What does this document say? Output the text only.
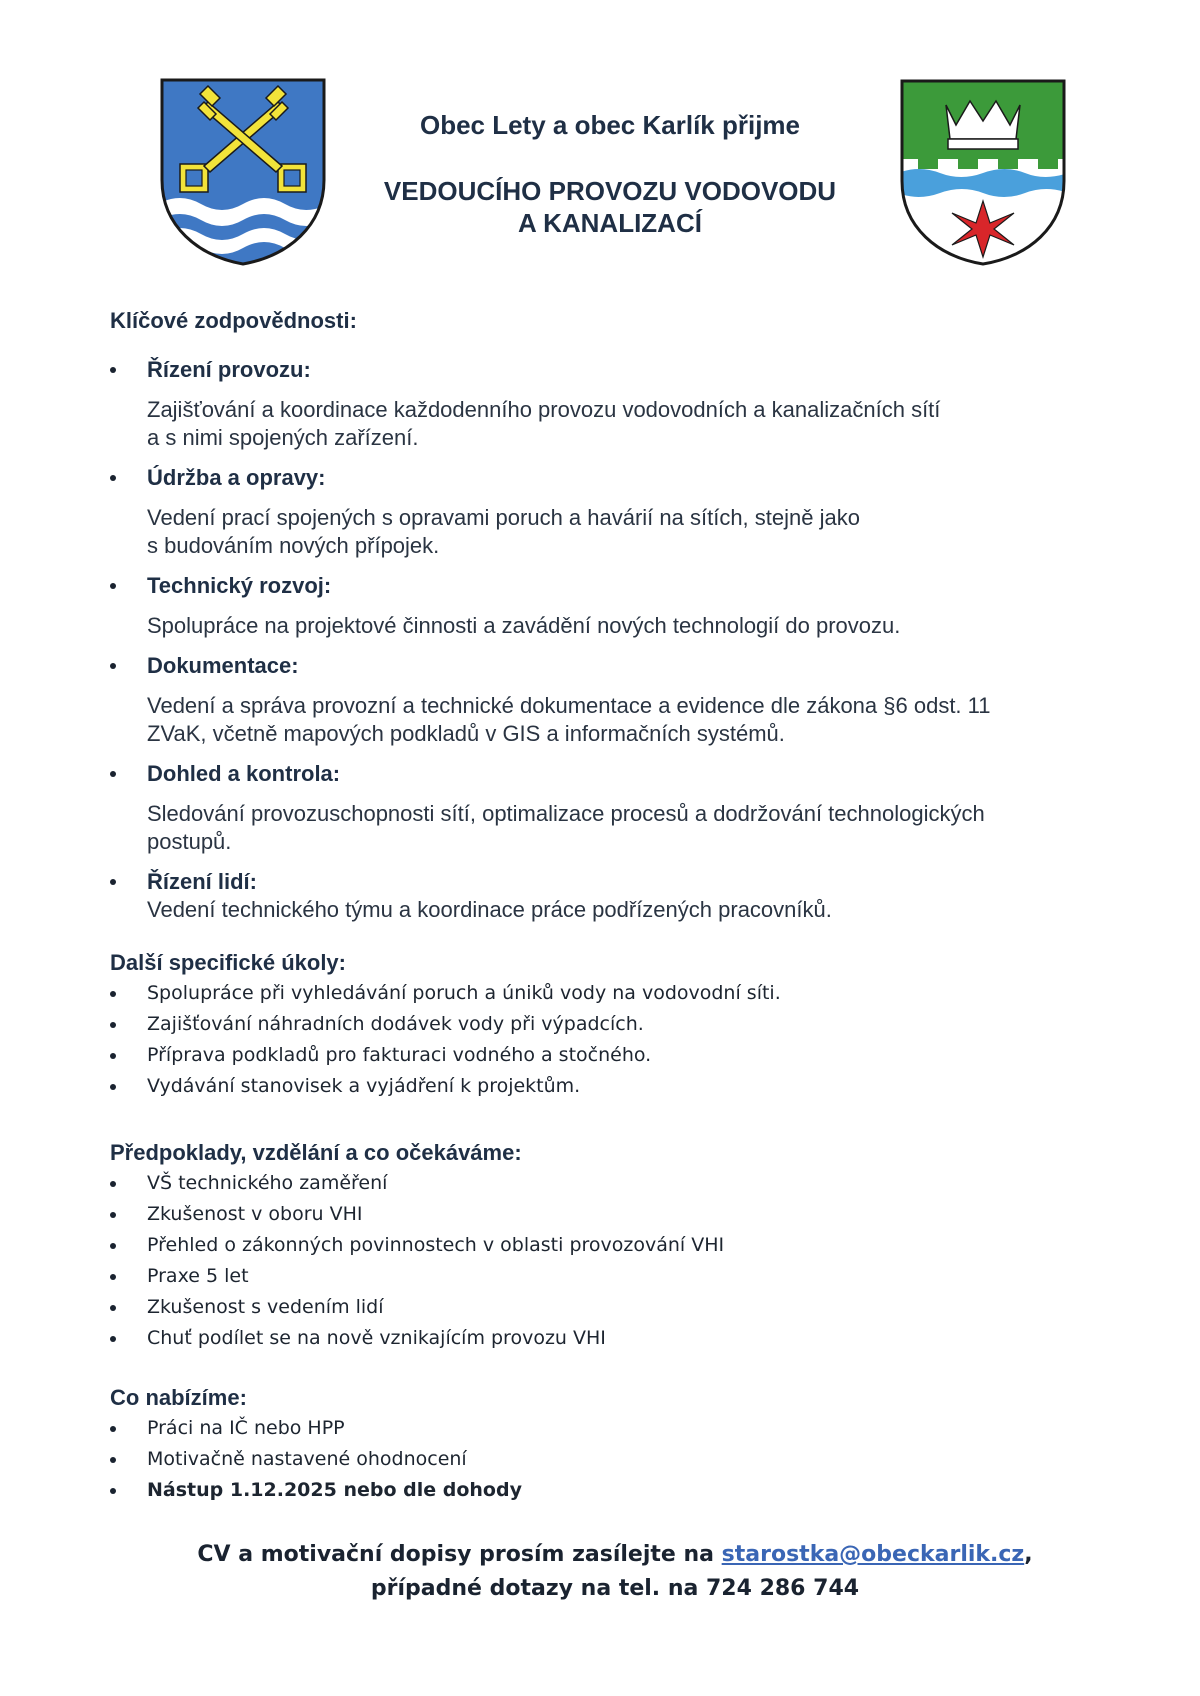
Obec Lety a obec Karlík přijme
VEDOUCÍHO PROVOZU VODOVODU
A KANALIZACÍ

Klíčové zodpovědnosti:

Řízení provozu:
Zajišťování a koordinace každodenního provozu vodovodních a kanalizačních sítí
a s nimi spojených zařízení.
Údržba a opravy:
Vedení prací spojených s opravami poruch a havárií na sítích, stejně jako
s budováním nových přípojek.
Technický rozvoj:
Spolupráce na projektové činnosti a zavádění nových technologií do provozu.
Dokumentace:
Vedení a správa provozní a technické dokumentace a evidence dle zákona §6 odst. 11
ZVaK, včetně mapových podkladů v GIS a informačních systémů.
Dohled a kontrola:
Sledování provozuschopnosti sítí, optimalizace procesů a dodržování technologických
postupů.
Řízení lidí:
Vedení technického týmu a koordinace práce podřízených pracovníků.

Další specifické úkoly:

Spolupráce při vyhledávání poruch a úniků vody na vodovodní síti.
Zajišťování náhradních dodávek vody při výpadcích.
Příprava podkladů pro fakturaci vodného a stočného.
Vydávání stanovisek a vyjádření k projektům.

Předpoklady, vzdělání a co očekáváme:

VŠ technického zaměření
Zkušenost v oboru VHI
Přehled o zákonných povinnostech v oblasti provozování VHI
Praxe 5 let
Zkušenost s vedením lidí
Chuť podílet se na nově vznikajícím provozu VHI

Co nabízíme:

Práci na IČ nebo HPP
Motivačně nastavené ohodnocení
Nástup 1.12.2025 nebo dle dohody
CV a motivační dopisy prosím zasílejte na starostka@obeckarlik.cz,
případné dotazy na tel. na 724 286 744
